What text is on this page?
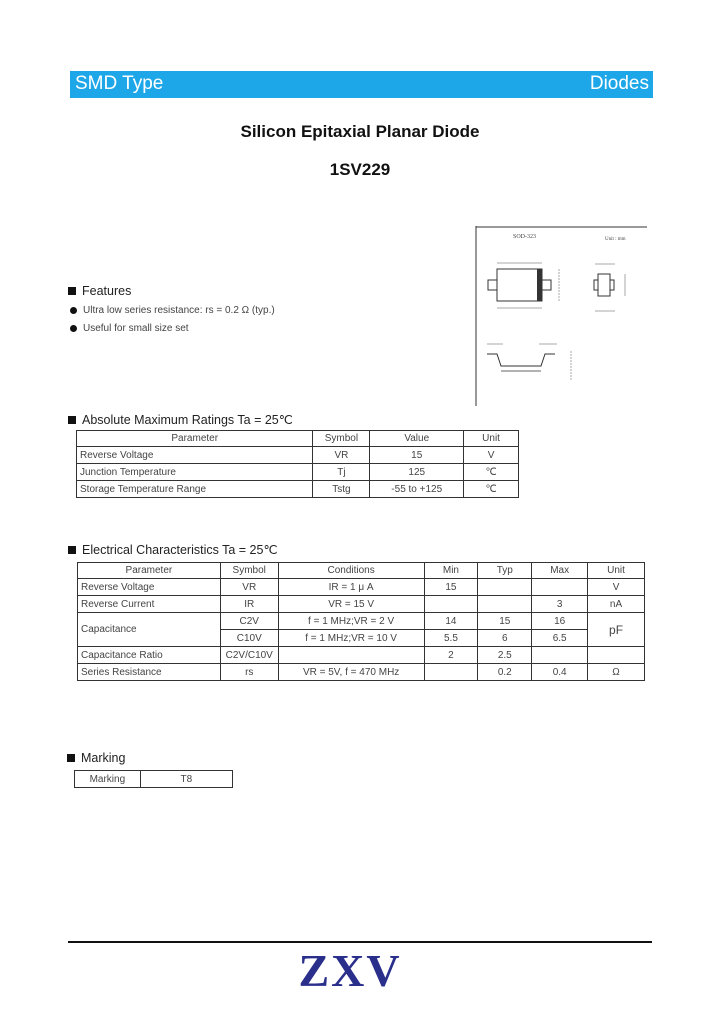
SMD Type	Diodes
Silicon Epitaxial Planar Diode
1SV229
SOD-323	Unit : mm
Features
Ultra low series resistance: rs = 0.2 Ω (typ.)
Useful for small size set
Absolute Maximum Ratings Ta = 25℃
Parameter	Symbol	Value	Unit
Reverse Voltage	VR	15	V
Junction Temperature	Tj	125	℃
Storage Temperature Range	Tstg	-55 to +125	℃
Electrical Characteristics Ta = 25℃
Parameter	Symbol	Conditions	Min	Typ	Max	Unit
Reverse Voltage	VR	IR = 1 μ A	15			V
Reverse Current	IR	VR = 15 V			3	nA
Capacitance	C2V	f = 1 MHz;VR = 2 V	14	15	16	pF
	C10V	f = 1 MHz;VR = 10 V	5.5	6	6.5	
Capacitance Ratio	C2V/C10V		2	2.5		
Series Resistance	rs	VR = 5V, f = 470 MHz		0.2	0.4	Ω
Marking
Marking	T8
ZXV
